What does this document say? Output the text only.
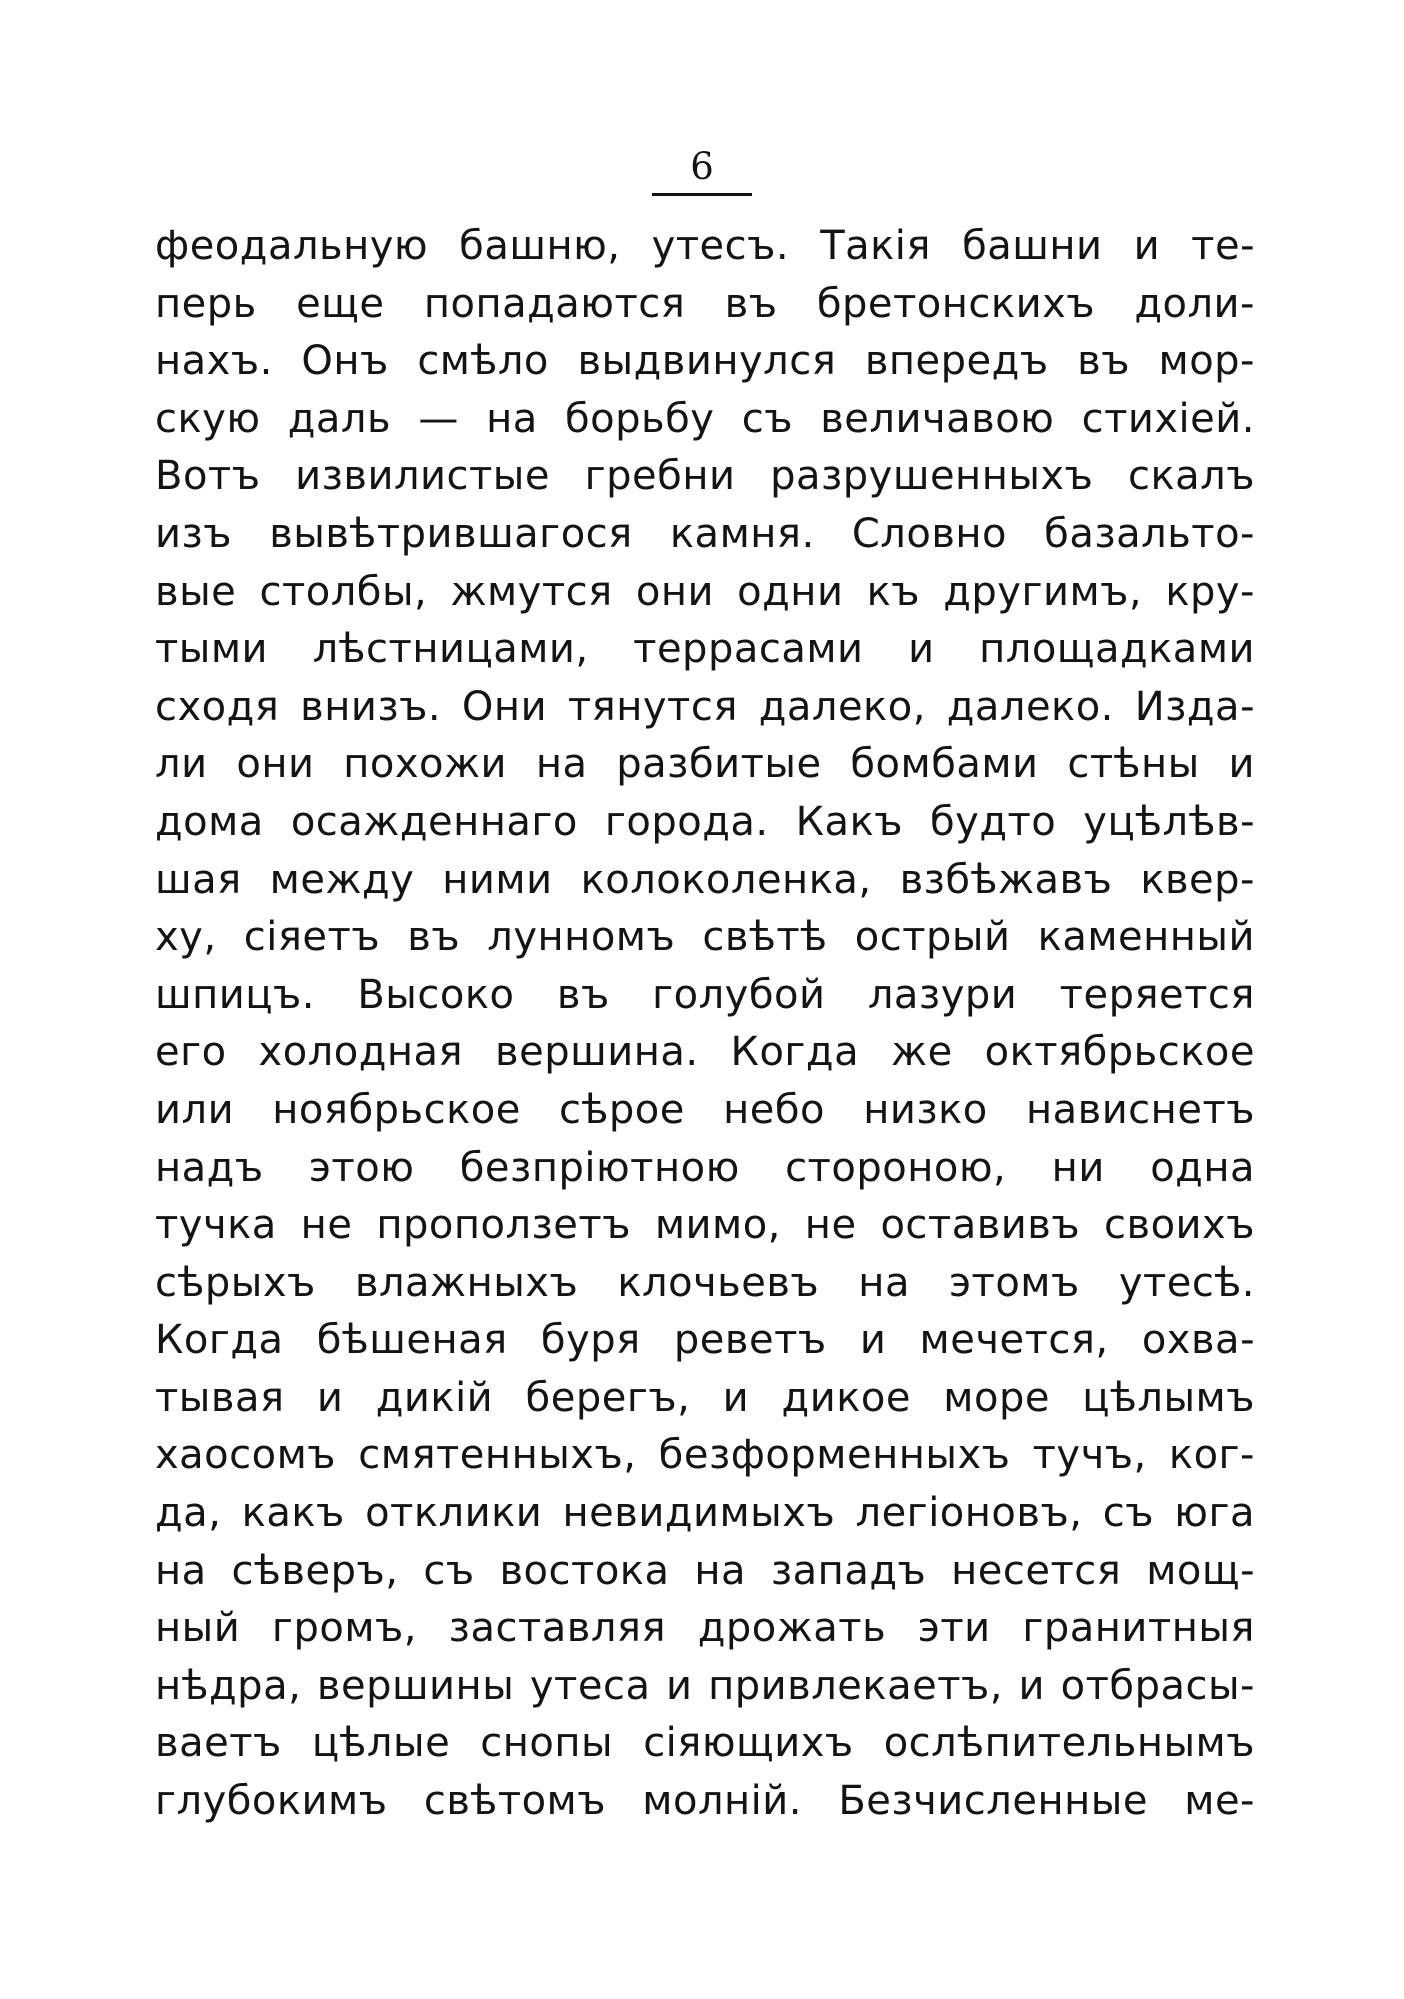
6
феодальную башню, утесъ. Такія башни и те-
перь еще попадаются въ бретонскихъ доли-
нахъ. Онъ смѣло выдвинулся впередъ въ мор-
скую даль — на борьбу съ величавою стихіей.
Вотъ извилистые гребни разрушенныхъ скалъ
изъ вывѣтрившагося камня. Словно базальто-
вые столбы, жмутся они одни къ другимъ, кру-
тыми лѣстницами, террасами и площадками
сходя внизъ. Они тянутся далеко, далеко. Изда-
ли они похожи на разбитые бомбами стѣны и
дома осажденнаго города. Какъ будто уцѣлѣв-
шая между ними колоколенка, взбѣжавъ квер-
ху, сіяетъ въ лунномъ свѣтѣ острый каменный
шпицъ. Высоко въ голубой лазури теряется
его холодная вершина. Когда же октябрьское
или ноябрьское сѣрое небо низко нависнетъ
надъ этою безпріютною стороною, ни одна
тучка не проползетъ мимо, не оставивъ своихъ
сѣрыхъ влажныхъ клочьевъ на этомъ утесѣ.
Когда бѣшеная буря реветъ и мечется, охва-
тывая и дикій берегъ, и дикое море цѣлымъ
хаосомъ смятенныхъ, безформенныхъ тучъ, ког-
да, какъ отклики невидимыхъ легіоновъ, съ юга
на сѣверъ, съ востока на западъ несется мощ-
ный громъ, заставляя дрожать эти гранитныя
нѣдра, вершины утеса и привлекаетъ, и отбрасы-
ваетъ цѣлые снопы сіяющихъ ослѣпительнымъ
глубокимъ свѣтомъ молній. Безчисленные ме-
